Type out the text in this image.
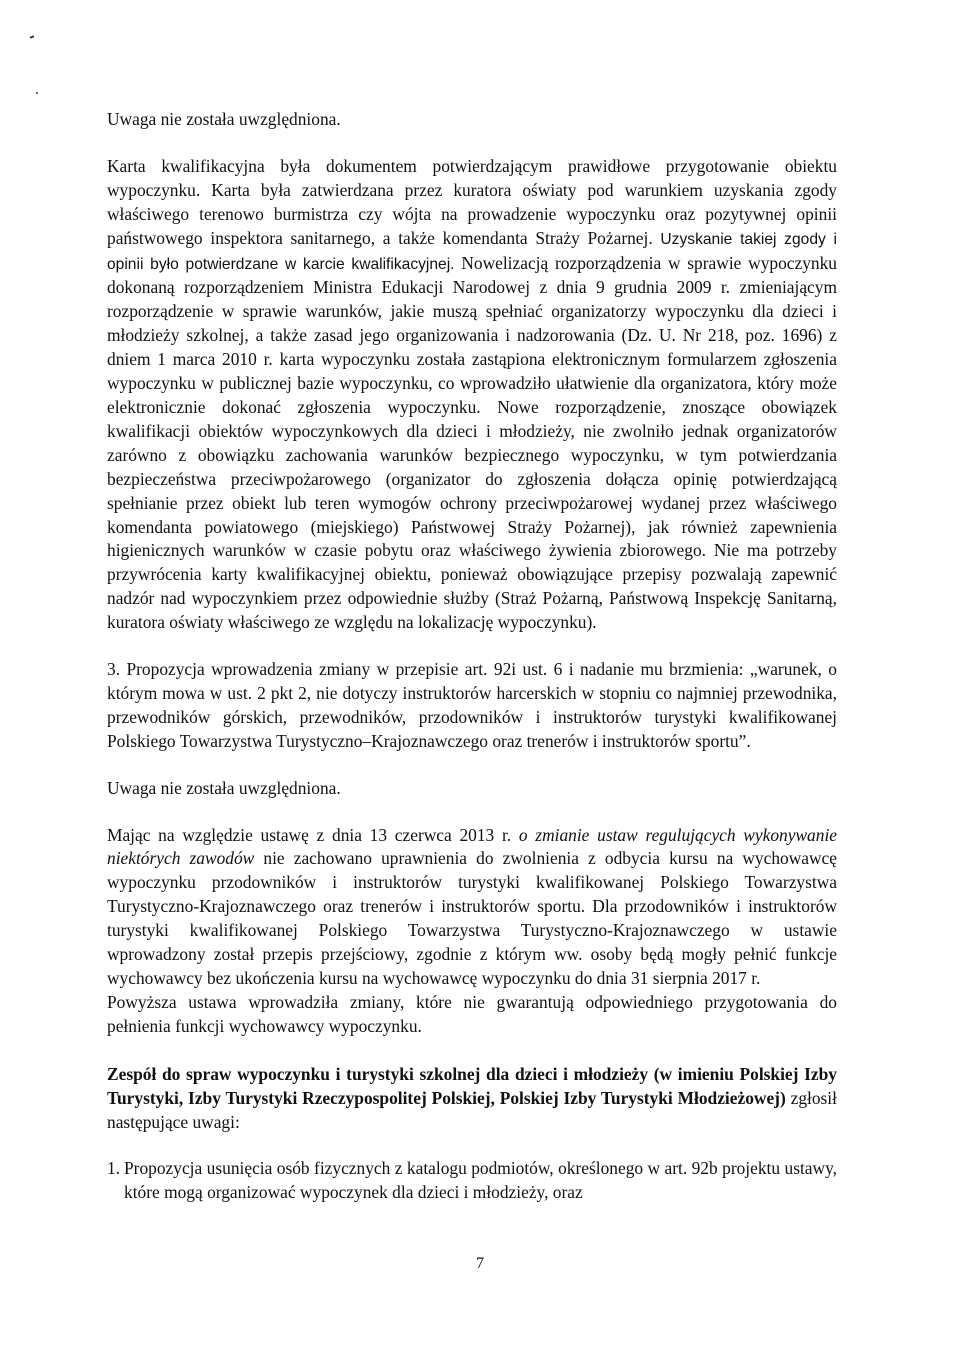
Uwaga nie została uwzględniona.

Karta kwalifikacyjna była dokumentem potwierdzającym prawidłowe przygotowanie obiektu wypoczynku. Karta była zatwierdzana przez kuratora oświaty pod warunkiem uzyskania zgody właściwego terenowo burmistrza czy wójta na prowadzenie wypoczynku oraz pozytywnej opinii państwowego inspektora sanitarnego, a także komendanta Straży Pożarnej. Uzyskanie takiej zgody i opinii było potwierdzane w karcie kwalifikacyjnej. Nowelizacją rozporządzenia w sprawie wypoczynku dokonaną rozporządzeniem Ministra Edukacji Narodowej z dnia 9 grudnia 2009 r. zmieniającym rozporządzenie w sprawie warunków, jakie muszą spełniać organizatorzy wypoczynku dla dzieci i młodzieży szkolnej, a także zasad jego organizowania i nadzorowania (Dz. U. Nr 218, poz. 1696) z dniem 1 marca 2010 r. karta wypoczynku została zastąpiona elektronicznym formularzem zgłoszenia wypoczynku w publicznej bazie wypoczynku, co wprowadziło ułatwienie dla organizatora, który może elektronicznie dokonać zgłoszenia wypoczynku. Nowe rozporządzenie, znoszące obowiązek kwalifikacji obiektów wypoczynkowych dla dzieci i młodzieży, nie zwolniło jednak organizatorów zarówno z obowiązku zachowania warunków bezpiecznego wypoczynku, w tym potwierdzania bezpieczeństwa przeciwpożarowego (organizator do zgłoszenia dołącza opinię potwierdzającą spełnianie przez obiekt lub teren wymogów ochrony przeciwpożarowej wydanej przez właściwego komendanta powiatowego (miejskiego) Państwowej Straży Pożarnej), jak również zapewnienia higienicznych warunków w czasie pobytu oraz właściwego żywienia zbiorowego. Nie ma potrzeby przywrócenia karty kwalifikacyjnej obiektu, ponieważ obowiązujące przepisy pozwalają zapewnić nadzór nad wypoczynkiem przez odpowiednie służby (Straż Pożarną, Państwową Inspekcję Sanitarną, kuratora oświaty właściwego ze względu na lokalizację wypoczynku).

3. Propozycja wprowadzenia zmiany w przepisie art. 92i ust. 6 i nadanie mu brzmienia: „warunek, o którym mowa w ust. 2 pkt 2, nie dotyczy instruktorów harcerskich w stopniu co najmniej przewodnika, przewodników górskich, przewodników, przodowników i instruktorów turystyki kwalifikowanej Polskiego Towarzystwa Turystyczno–Krajoznawczego oraz trenerów i instruktorów sportu”.

Uwaga nie została uwzględniona.

Mając na względzie ustawę z dnia 13 czerwca 2013 r. o zmianie ustaw regulujących wykonywanie niektórych zawodów nie zachowano uprawnienia do zwolnienia z odbycia kursu na wychowawcę wypoczynku przodowników i instruktorów turystyki kwalifikowanej Polskiego Towarzystwa Turystyczno-Krajoznawczego oraz trenerów i instruktorów sportu. Dla przodowników i instruktorów turystyki kwalifikowanej Polskiego Towarzystwa Turystyczno-Krajoznawczego w ustawie wprowadzony został przepis przejściowy, zgodnie z którym ww. osoby będą mogły pełnić funkcje wychowawcy bez ukończenia kursu na wychowawcę wypoczynku do dnia 31 sierpnia 2017 r.

Powyższa ustawa wprowadziła zmiany, które nie gwarantują odpowiedniego przygotowania do pełnienia funkcji wychowawcy wypoczynku.

Zespół do spraw wypoczynku i turystyki szkolnej dla dzieci i młodzieży (w imieniu Polskiej Izby Turystyki, Izby Turystyki Rzeczypospolitej Polskiej, Polskiej Izby Turystyki Młodzieżowej) zgłosił następujące uwagi:

1. Propozycja usunięcia osób fizycznych z katalogu podmiotów, określonego w art. 92b projektu ustawy, które mogą organizować wypoczynek dla dzieci i młodzieży, oraz

7
